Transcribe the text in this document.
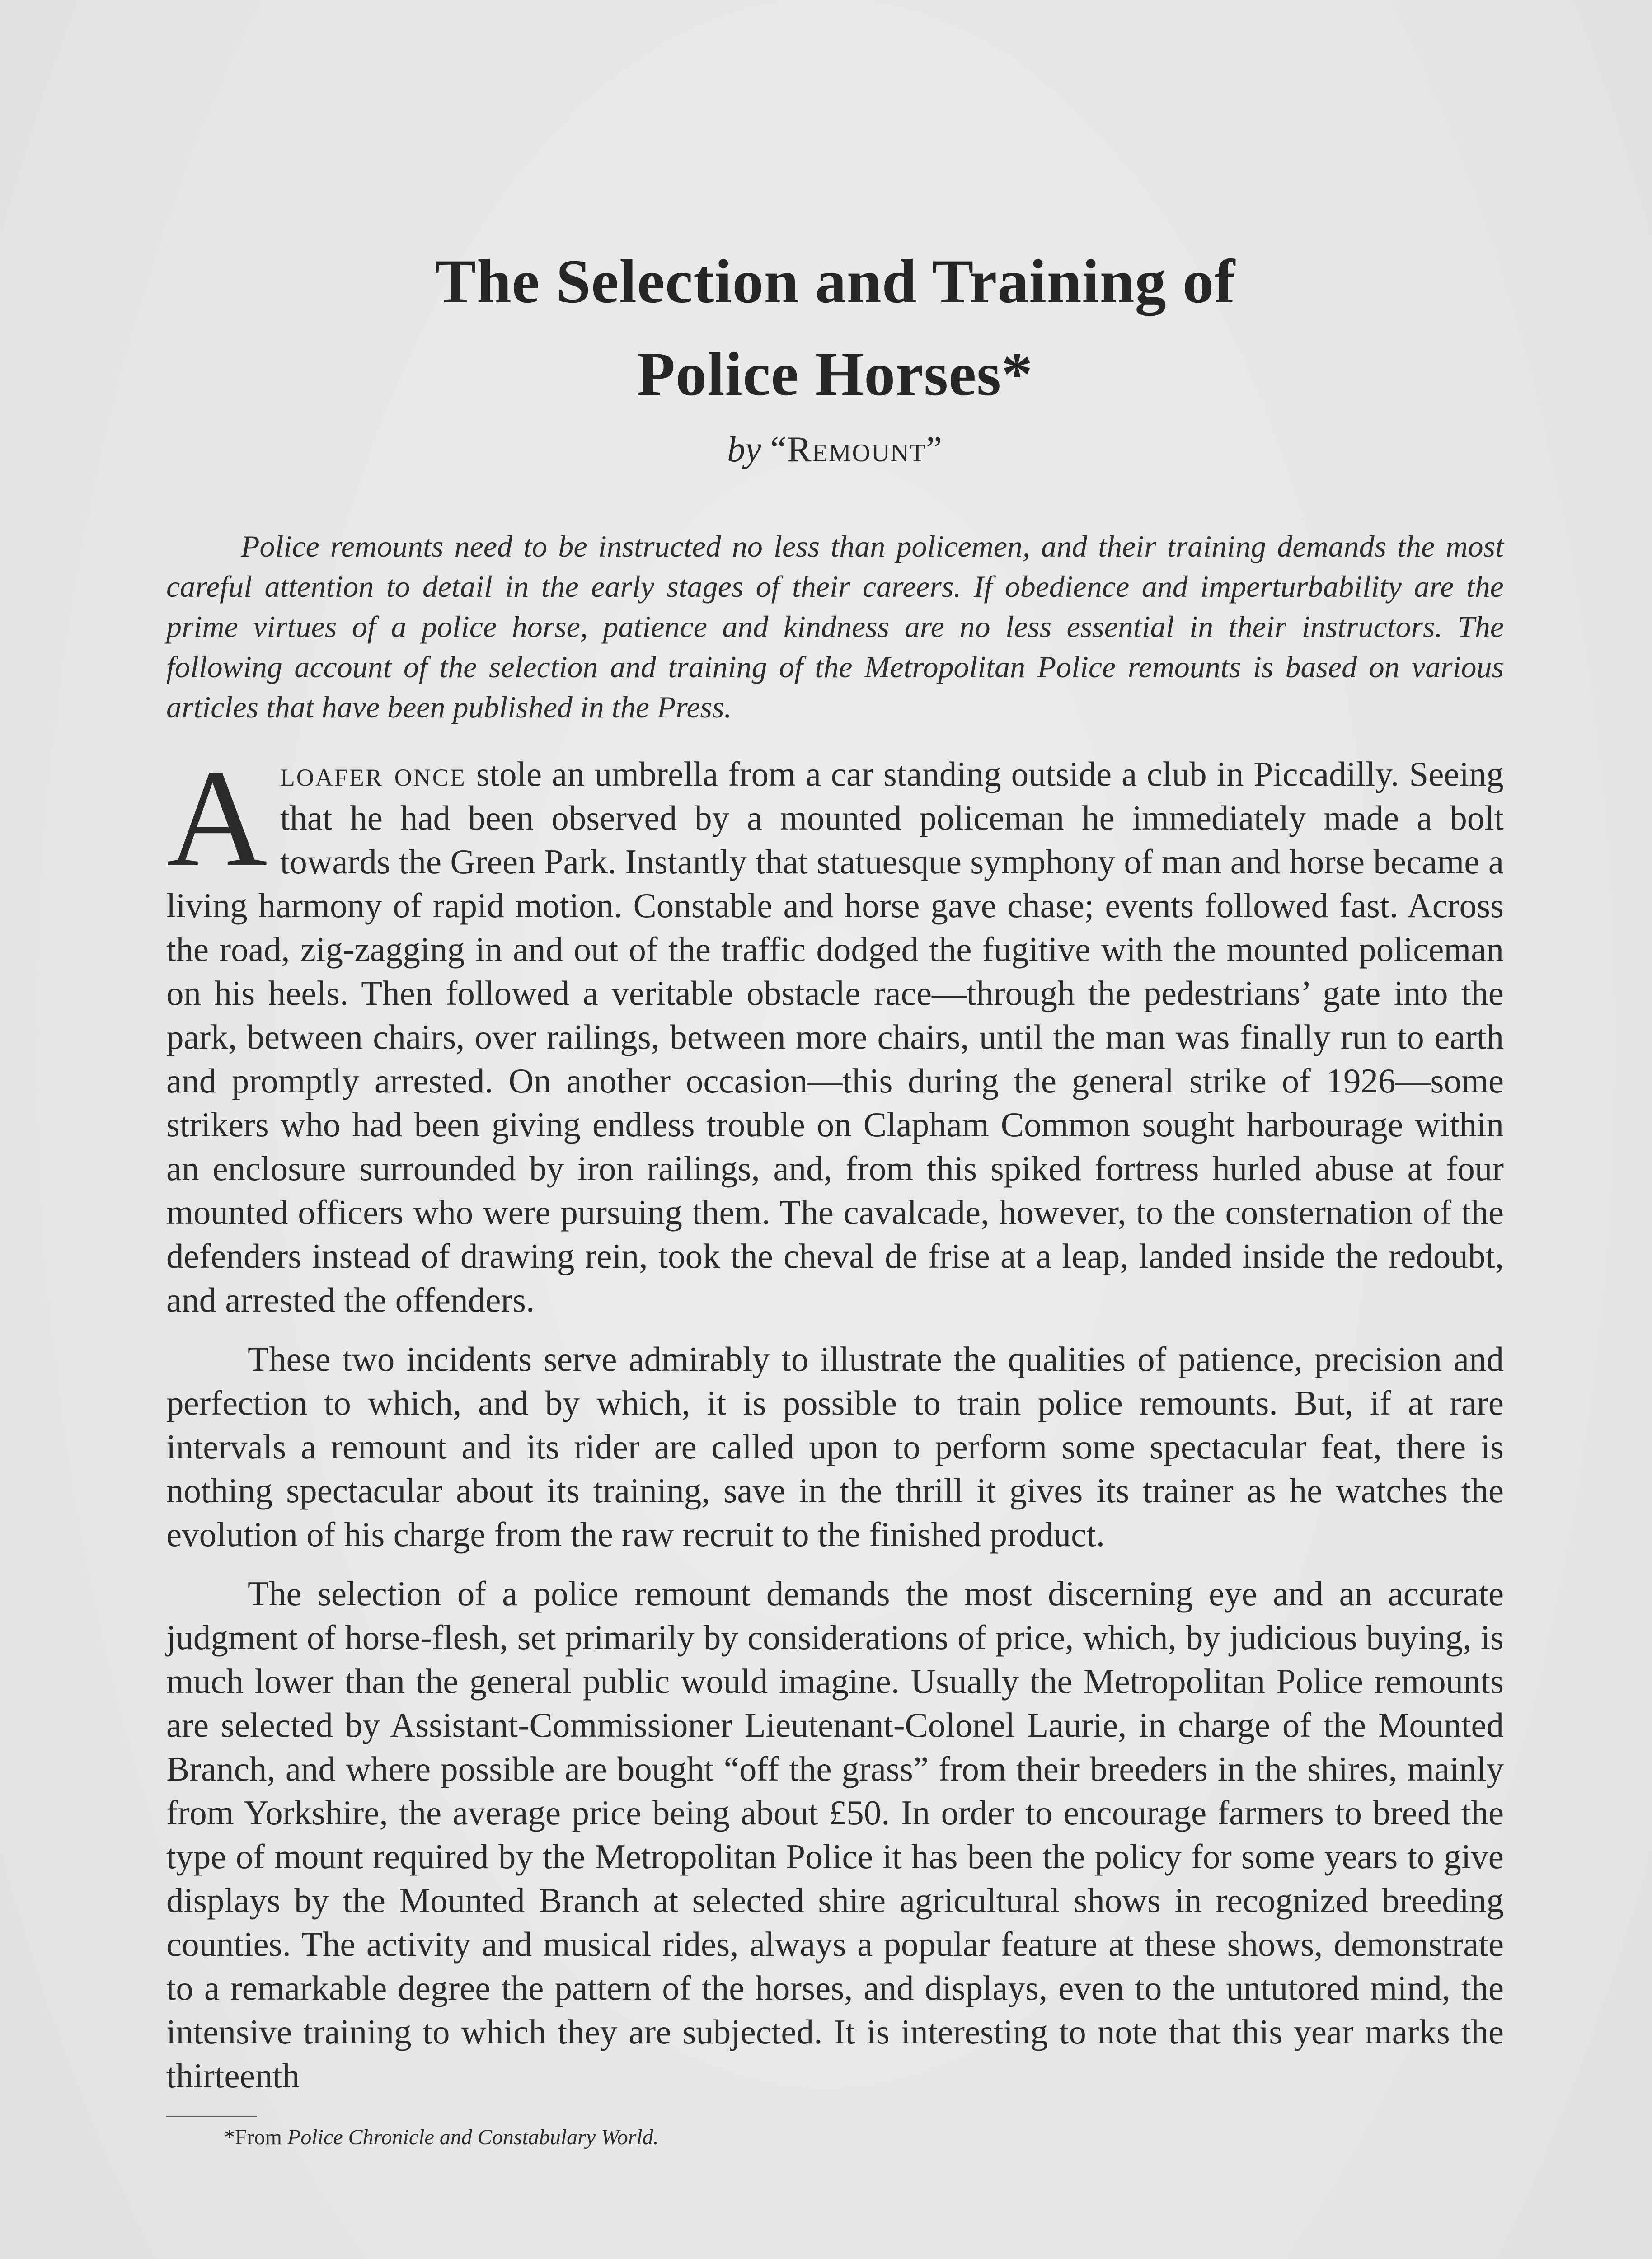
The Selection and Training of
Police Horses*
by “Remount”

Police remounts need to be instructed no less than policemen, and their training demands the most careful attention to detail in the early stages of their careers. If obedience and imperturbability are the prime virtues of a police horse, patience and kindness are no less essential in their instructors. The following account of the selection and training of the Metropolitan Police remounts is based on various articles that have been published in the Press.

Aloafer once stole an umbrella from a car standing outside a club in Piccadilly. Seeing that he had been observed by a mounted policeman he immediately made a bolt towards the Green Park. Instantly that statuesque symphony of man and horse became a living harmony of rapid motion. Constable and horse gave chase; events followed fast. Across the road, zig-zagging in and out of the traffic dodged the fugitive with the mounted policeman on his heels. Then followed a veritable obstacle race—through the pedestrians’ gate into the park, between chairs, over railings, between more chairs, until the man was finally run to earth and promptly arrested. On another occasion—this during the general strike of 1926—some strikers who had been giving endless trouble on Clapham Common sought harbourage within an enclosure surrounded by iron railings, and, from this spiked fortress hurled abuse at four mounted officers who were pursuing them. The cavalcade, however, to the consternation of the defenders instead of drawing rein, took the cheval de frise at a leap, landed inside the redoubt, and arrested the offenders.

These two incidents serve admirably to illustrate the qualities of patience, precision and perfection to which, and by which, it is possible to train police remounts. But, if at rare intervals a remount and its rider are called upon to perform some spectacular feat, there is nothing spectacular about its training, save in the thrill it gives its trainer as he watches the evolution of his charge from the raw recruit to the finished product.

The selection of a police remount demands the most discerning eye and an accurate judgment of horse-flesh, set primarily by considerations of price, which, by judicious buying, is much lower than the general public would imagine. Usually the Metropolitan Police remounts are selected by Assistant-Commissioner Lieutenant-Colonel Laurie, in charge of the Mounted Branch, and where possible are bought “off the grass” from their breeders in the shires, mainly from Yorkshire, the average price being about £50. In order to encourage farmers to breed the type of mount required by the Metropolitan Police it has been the policy for some years to give displays by the Mounted Branch at selected shire agricultural shows in recognized breeding counties. The activity and musical rides, always a popular feature at these shows, demonstrate to a remarkable degree the pattern of the horses, and displays, even to the untutored mind, the intensive training to which they are subjected. It is interesting to note that this year marks the thirteenth

*From Police Chronicle and Constabulary World.
